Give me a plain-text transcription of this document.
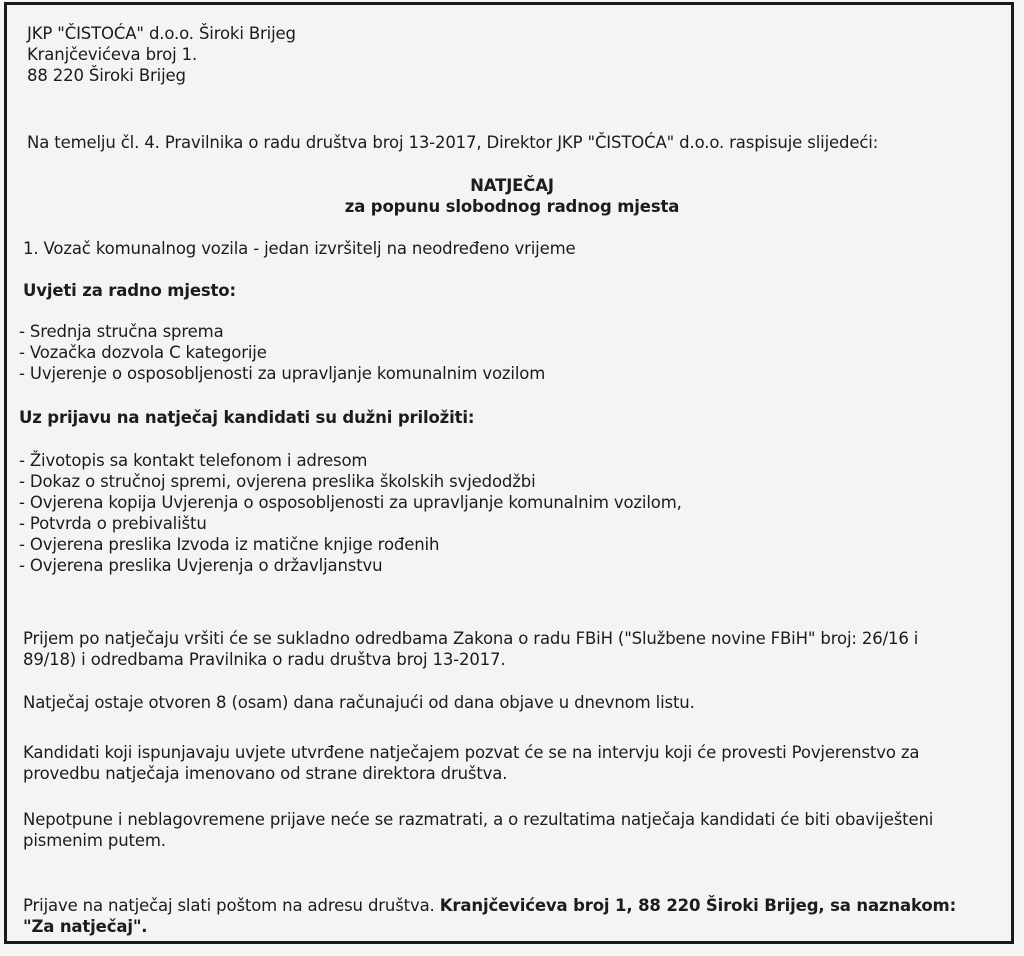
JKP "ČISTOĆA" d.o.o. Široki Brijeg
Kranjčevićeva broj 1.
88 220 Široki Brijeg
Na temelju čl. 4. Pravilnika o radu društva broj 13-2017, Direktor JKP "ČISTOĆA" d.o.o. raspisuje slijedeći:
NATJEČAJ
za popunu slobodnog radnog mjesta
1. Vozač komunalnog vozila - jedan izvršitelj na neodređeno vrijeme
Uvjeti za radno mjesto:
- Srednja stručna sprema
- Vozačka dozvola C kategorije
- Uvjerenje o osposobljenosti za upravljanje komunalnim vozilom
Uz prijavu na natječaj kandidati su dužni priložiti:
- Životopis sa kontakt telefonom i adresom
- Dokaz o stručnoj spremi, ovjerena preslika školskih svjedodžbi
- Ovjerena kopija Uvjerenja o osposobljenosti za upravljanje komunalnim vozilom,
- Potvrda o prebivalištu
- Ovjerena preslika Izvoda iz matične knjige rođenih
- Ovjerena preslika Uvjerenja o državljanstvu
Prijem po natječaju vršiti će se sukladno odredbama Zakona o radu FBiH ("Službene novine FBiH" broj: 26/16 i
89/18) i odredbama Pravilnika o radu društva broj 13-2017.
Natječaj ostaje otvoren 8 (osam) dana računajući od dana objave u dnevnom listu.
Kandidati koji ispunjavaju uvjete utvrđene natječajem pozvat će se na intervju koji će provesti Povjerenstvo za
provedbu natječaja imenovano od strane direktora društva.
Nepotpune i neblagovremene prijave neće se razmatrati, a o rezultatima natječaja kandidati će biti obaviješteni
pismenim putem.
Prijave na natječaj slati poštom na adresu društva. Kranjčevićeva broj 1, 88 220 Široki Brijeg, sa naznakom:
"Za natječaj".
